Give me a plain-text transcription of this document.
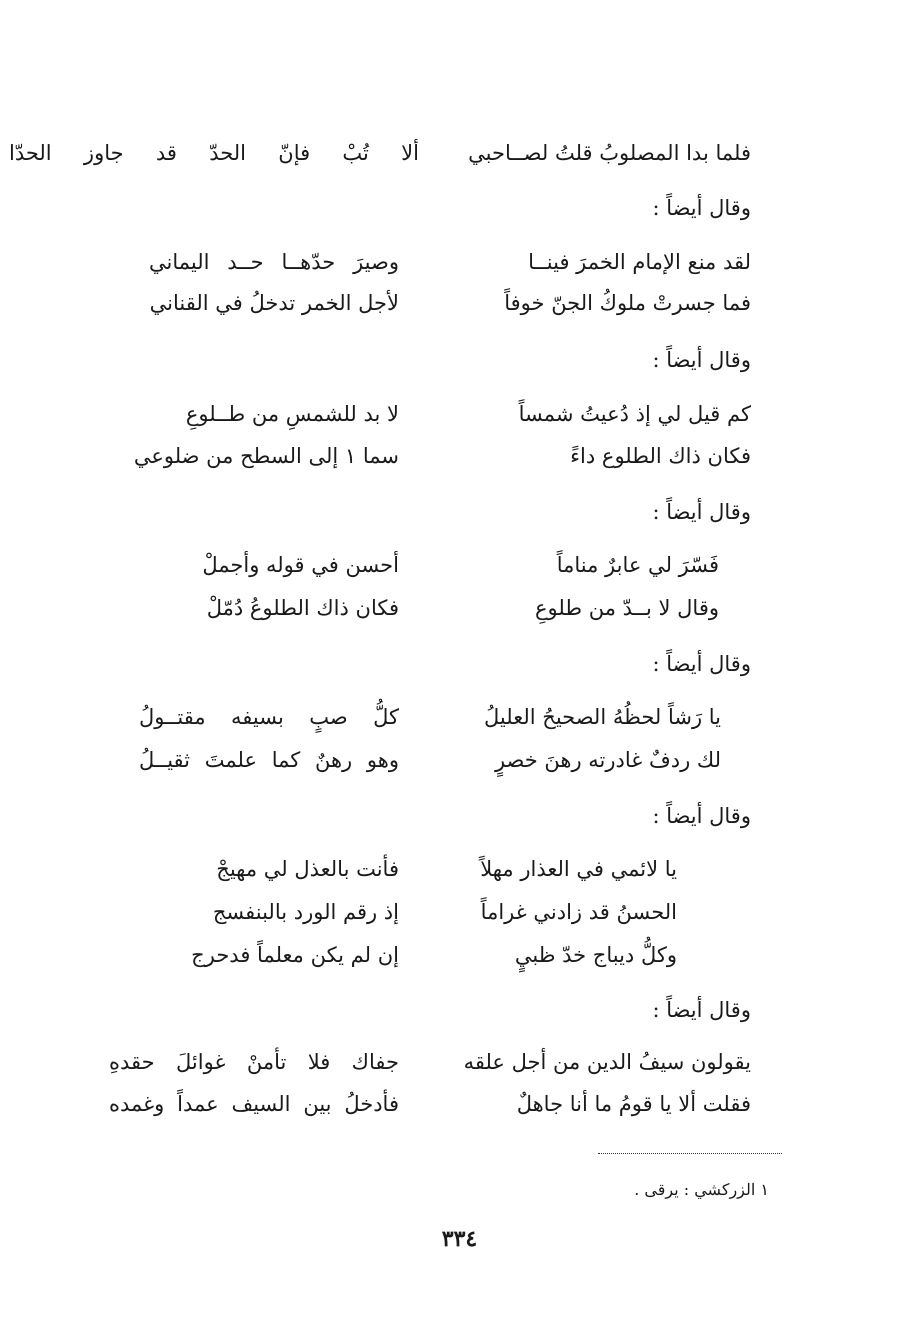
فلما بدا المصلوبُ قلتُ لصــاحبي
ألا تُبْ فإنّ الحدّ قد جاوز الحدّا
وقال أيضاً :
لقد منع الإمام الخمرَ فينــا
وصيرَ حدّهــا حــد اليماني
فما جسرتْ ملوكُ الجنّ خوفاً
لأجل الخمر تدخلُ في القناني
وقال أيضاً :
كم قيل لي إذ دُعيتُ شمساً
لا بد للشمسِ من طــلوعِ
فكان ذاك الطلوع داءً
سما ١ إلى السطح من ضلوعي
وقال أيضاً :
فَسّرَ لي عابرٌ مناماً
أحسن في قوله وأجملْ
وقال لا بــدّ من طلوعِ
فكان ذاك الطلوعُ دُمّلْ
وقال أيضاً :
يا رَشاً لحظُهُ الصحيحُ العليلُ
كلُّ صبٍ بسيفه مقتــولُ
لك ردفٌ غادرته رهنَ خصرٍ
وهو رهنٌ كما علمتَ ثقيــلُ
وقال أيضاً :
يا لائمي في العذار مهلاً
فأنت بالعذل لي مهيجْ
الحسنُ قد زادني غراماً
إذ رقم الورد بالبنفسج
وكلُّ ديباج خدّ ظبيٍ
إن لم يكن معلماً فدحرج
وقال أيضاً :
يقولون سيفُ الدين من أجل علقه
جفاك فلا تأمنْ غوائلَ حقدهِ
فقلت ألا يا قومُ ما أنا جاهلٌ
فأدخلُ بين السيف عمداً وغمده
١ الزركشي : يرقى .
٣٣٤
